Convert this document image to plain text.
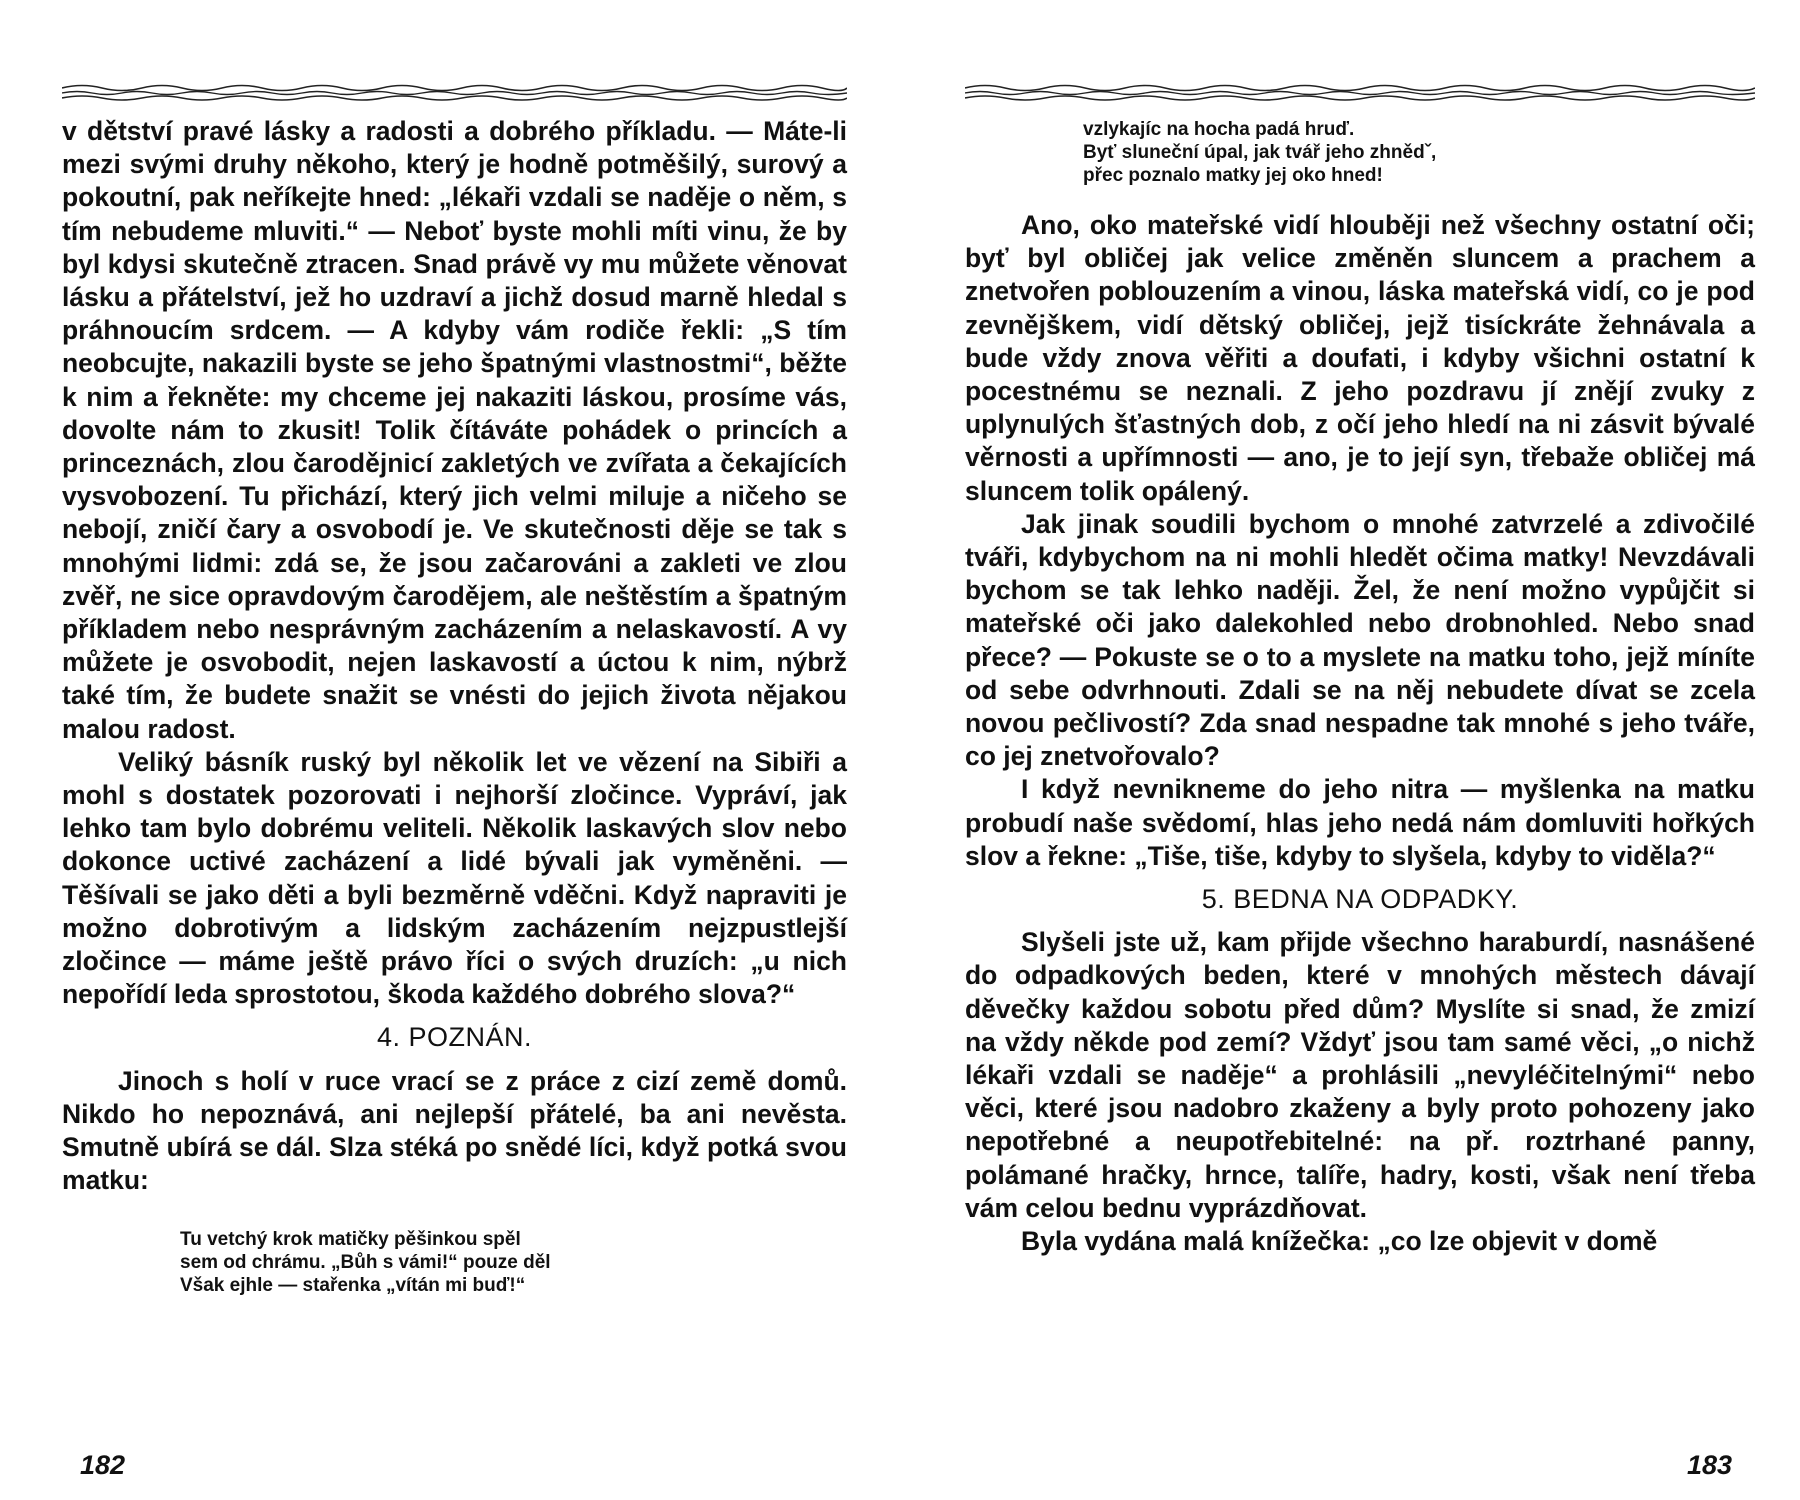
v dětství pravé lásky a radosti a dobrého příkladu. — Máte-li mezi svými druhy někoho, který je hodně potměšilý, surový a pokoutní, pak neříkejte hned: „lékaři vzdali se naděje o něm, s tím nebudeme mluviti.“ — Neboť byste mohli míti vinu, že by byl kdysi skutečně ztracen. Snad právě vy mu můžete věnovat lásku a přátelství, jež ho uzdraví a jichž dosud marně hledal s práhnoucím srdcem. — A kdyby vám rodiče řekli: „S tím neobcujte, nakazili byste se jeho špatnými vlastnostmi“, běžte k nim a řekněte: my chceme jej nakaziti láskou, prosíme vás, dovolte nám to zkusit! Tolik čítáváte pohádek o princích a princeznách, zlou čarodějnicí zakletých ve zvířata a čekajících vysvobození. Tu přichází, který jich velmi miluje a ničeho se nebojí, zničí čary a osvobodí je. Ve skutečnosti děje se tak s mnohými lidmi: zdá se, že jsou začarováni a zakleti ve zlou zvěř, ne sice opravdovým čarodějem, ale neštěstím a špatným příkladem nebo nesprávným zacházením a nelaskavostí. A vy můžete je osvobodit, nejen laskavostí a úctou k nim, nýbrž také tím, že budete snažit se vnésti do jejich života nějakou malou radost.

Veliký básník ruský byl několik let ve vězení na Sibiři a mohl s dostatek pozorovati i nejhorší zločince. Vypráví, jak lehko tam bylo dobrému veliteli. Několik laskavých slov nebo dokonce uctivé zacházení a lidé bývali jak vyměněni. — Těšívali se jako děti a byli bezměrně vděčni. Když napraviti je možno dobrotivým a lidským zacházením nejzpustlejší zločince — máme ještě právo říci o svých druzích: „u nich nepořídí leda sprostotou, škoda každého dobrého slova?“

4. POZNÁN.

Jinoch s holí v ruce vrací se z práce z cizí země domů. Nikdo ho nepoznává, ani nejlepší přátelé, ba ani nevěsta. Smutně ubírá se dál. Slza stéká po snědé líci, když potká svou matku:

Tu vetchý krok matičky pěšinkou spěl
sem od chrámu. „Bůh s vámi!“ pouze děl
Však ejhle — stařenka „vítán mi buď!“
182
vzlykajíc na hocha padá hruď.
Byť sluneční úpal, jak tvář jeho zhnědˇ,
přec poznalo matky jej oko hned!

Ano, oko mateřské vidí hlouběji než všechny ostatní oči; byť byl obličej jak velice změněn sluncem a prachem a znetvořen poblouzením a vinou, láska mateřská vidí, co je pod zevnějškem, vidí dětský obličej, jejž tisíckráte žehnávala a bude vždy znova věřiti a doufati, i kdyby všichni ostatní k pocestnému se neznali. Z jeho pozdravu jí znějí zvuky z uplynulých šťastných dob, z očí jeho hledí na ni zásvit bývalé věrnosti a upřímnosti — ano, je to její syn, třebaže obličej má sluncem tolik opálený.

Jak jinak soudili bychom o mnohé zatvrzelé a zdivočilé tváři, kdybychom na ni mohli hledět očima matky! Nevzdávali bychom se tak lehko naději. Žel, že není možno vypůjčit si mateřské oči jako dalekohled nebo drobnohled. Nebo snad přece? — Pokuste se o to a myslete na matku toho, jejž míníte od sebe odvrhnouti. Zdali se na něj nebudete dívat se zcela novou pečlivostí? Zda snad nespadne tak mnohé s jeho tváře, co jej znetvořovalo?

I když nevnikneme do jeho nitra — myšlenka na matku probudí naše svědomí, hlas jeho nedá nám domluviti hořkých slov a řekne: „Tiše, tiše, kdyby to slyšela, kdyby to viděla?“

5. BEDNA NA ODPADKY.

Slyšeli jste už, kam přijde všechno haraburdí, nasnášené do odpadkových beden, které v mnohých městech dávají děvečky každou sobotu před dům? Myslíte si snad, že zmizí na vždy někde pod zemí? Vždyť jsou tam samé věci, „o nichž lékaři vzdali se naděje“ a prohlásili „nevyléčitelnými“ nebo věci, které jsou nadobro zkaženy a byly proto pohozeny jako nepotřebné a neupotřebitelné: na př. roztrhané panny, polámané hračky, hrnce, talíře, hadry, kosti, však není třeba vám celou bednu vyprázdňovat.

Byla vydána malá knížečka: „co lze objevit v domě

183
